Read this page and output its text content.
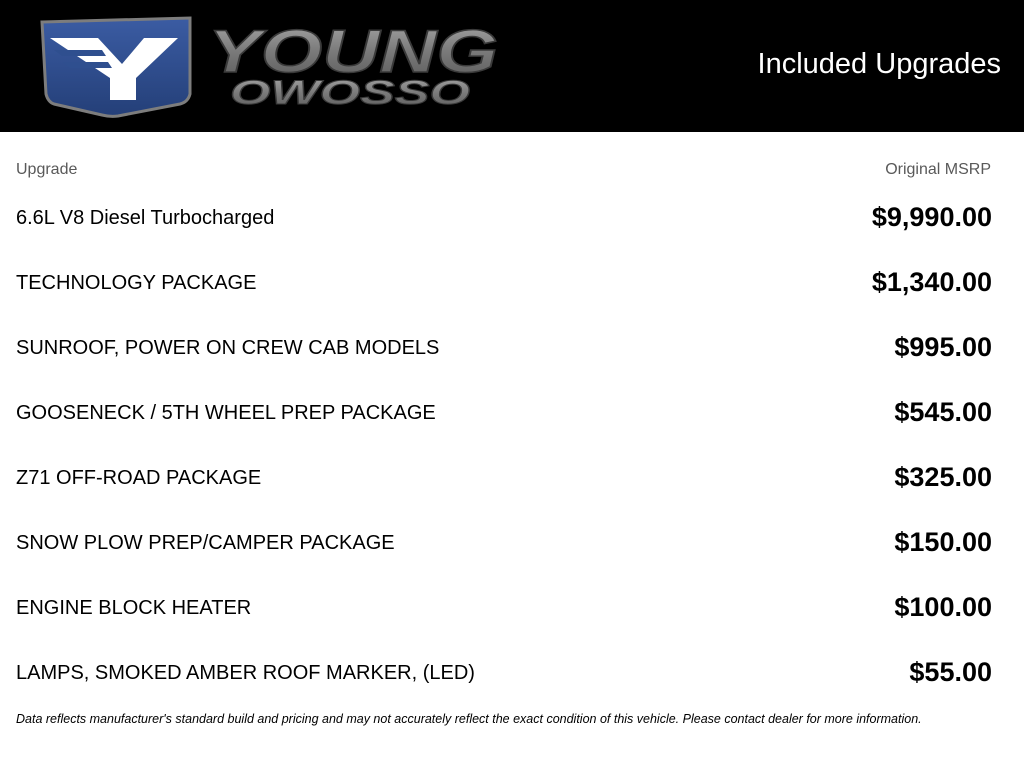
YOUNG
OWOSSO
Included Upgrades
Upgrade	Original MSRP
6.6L V8 Diesel Turbocharged	$9,990.00
TECHNOLOGY PACKAGE	$1,340.00
SUNROOF, POWER ON CREW CAB MODELS	$995.00
GOOSENECK / 5TH WHEEL PREP PACKAGE	$545.00
Z71 OFF-ROAD PACKAGE	$325.00
SNOW PLOW PREP/CAMPER PACKAGE	$150.00
ENGINE BLOCK HEATER	$100.00
LAMPS, SMOKED AMBER ROOF MARKER, (LED)	$55.00
Data reflects manufacturer's standard build and pricing and may not accurately reflect the exact condition of this vehicle. Please contact dealer for more information.
